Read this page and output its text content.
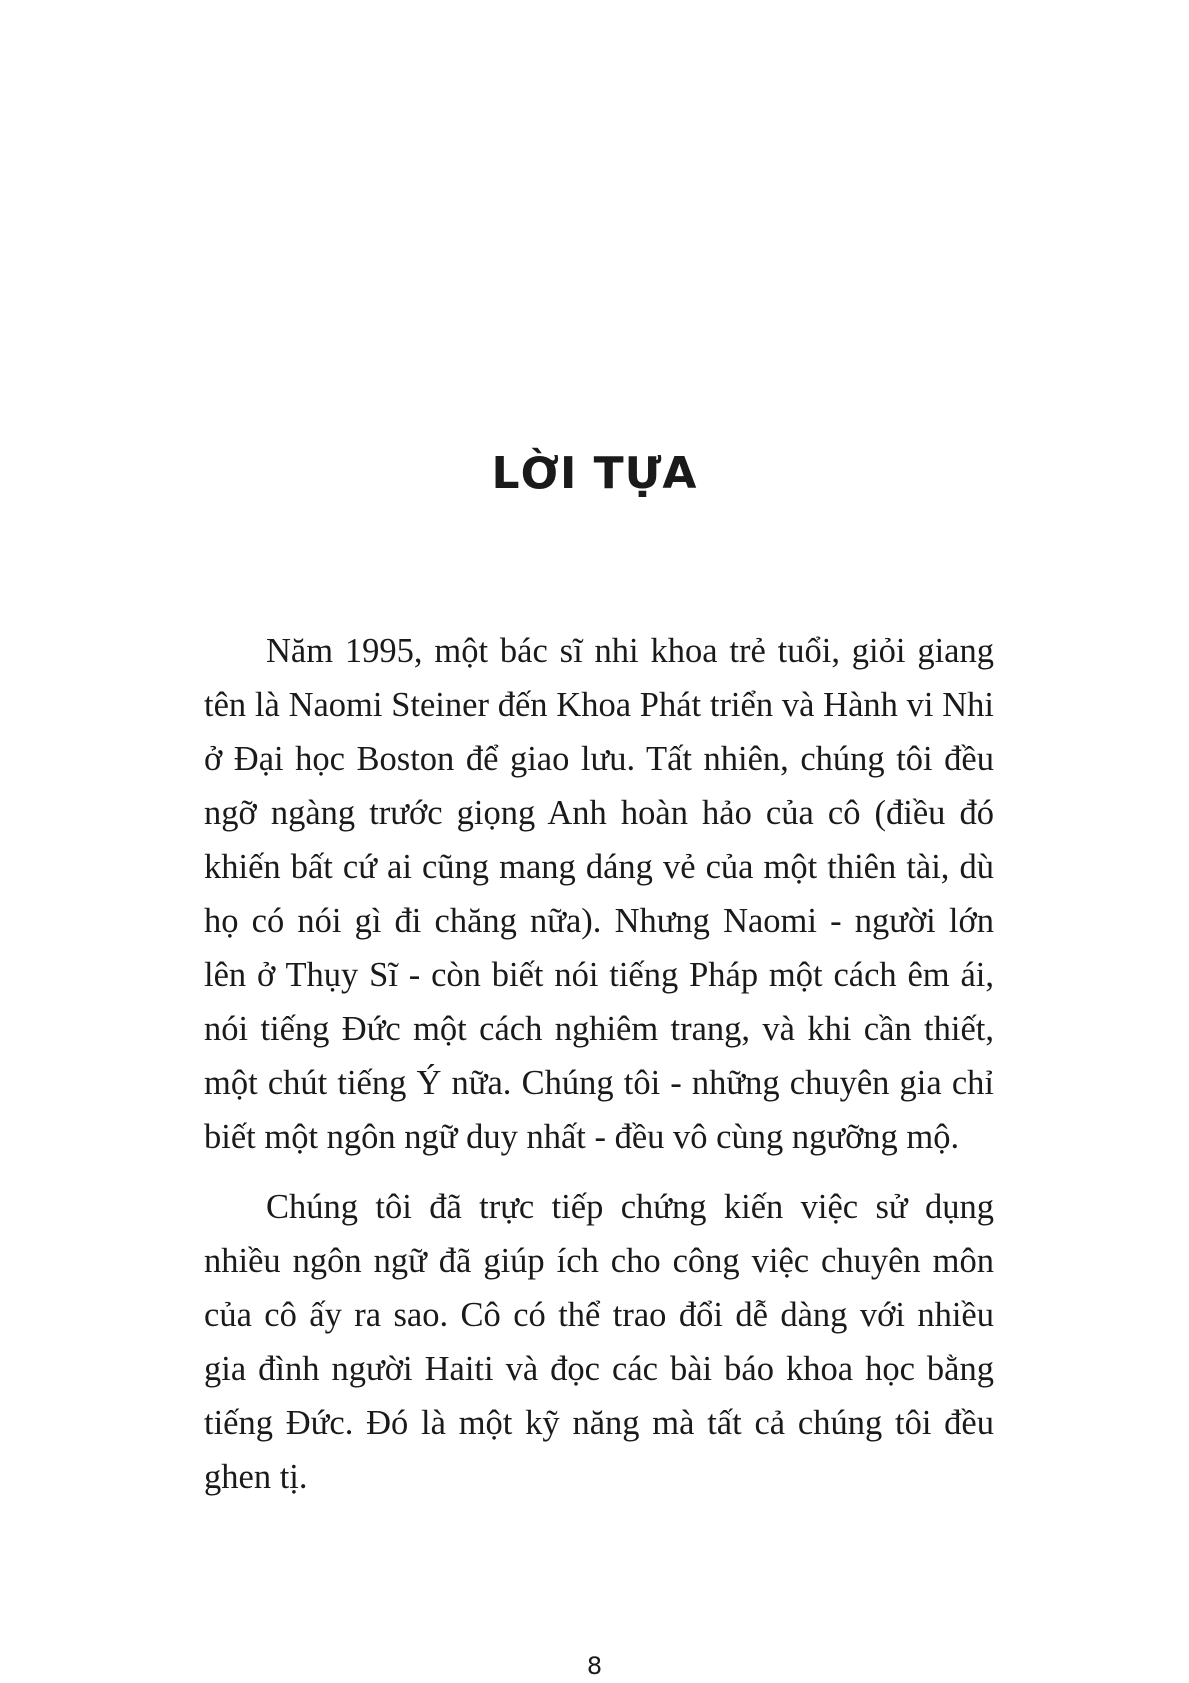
LỜI TỰA

Năm 1995, một bác sĩ nhi khoa trẻ tuổi, giỏi giang tên là Naomi Steiner đến Khoa Phát triển và Hành vi Nhi ở Đại học Boston để giao lưu. Tất nhiên, chúng tôi đều ngỡ ngàng trước giọng Anh hoàn hảo của cô (điều đó khiến bất cứ ai cũng mang dáng vẻ của một thiên tài, dù họ có nói gì đi chăng nữa). Nhưng Naomi - người lớn lên ở Thụy Sĩ - còn biết nói tiếng Pháp một cách êm ái, nói tiếng Đức một cách nghiêm trang, và khi cần thiết, một chút tiếng Ý nữa. Chúng tôi - những chuyên gia chỉ biết một ngôn ngữ duy nhất - đều vô cùng ngưỡng mộ.

Chúng tôi đã trực tiếp chứng kiến việc sử dụng nhiều ngôn ngữ đã giúp ích cho công việc chuyên môn của cô ấy ra sao. Cô có thể trao đổi dễ dàng với nhiều gia đình người Haiti và đọc các bài báo khoa học bằng tiếng Đức. Đó là một kỹ năng mà tất cả chúng tôi đều ghen tị.

8
